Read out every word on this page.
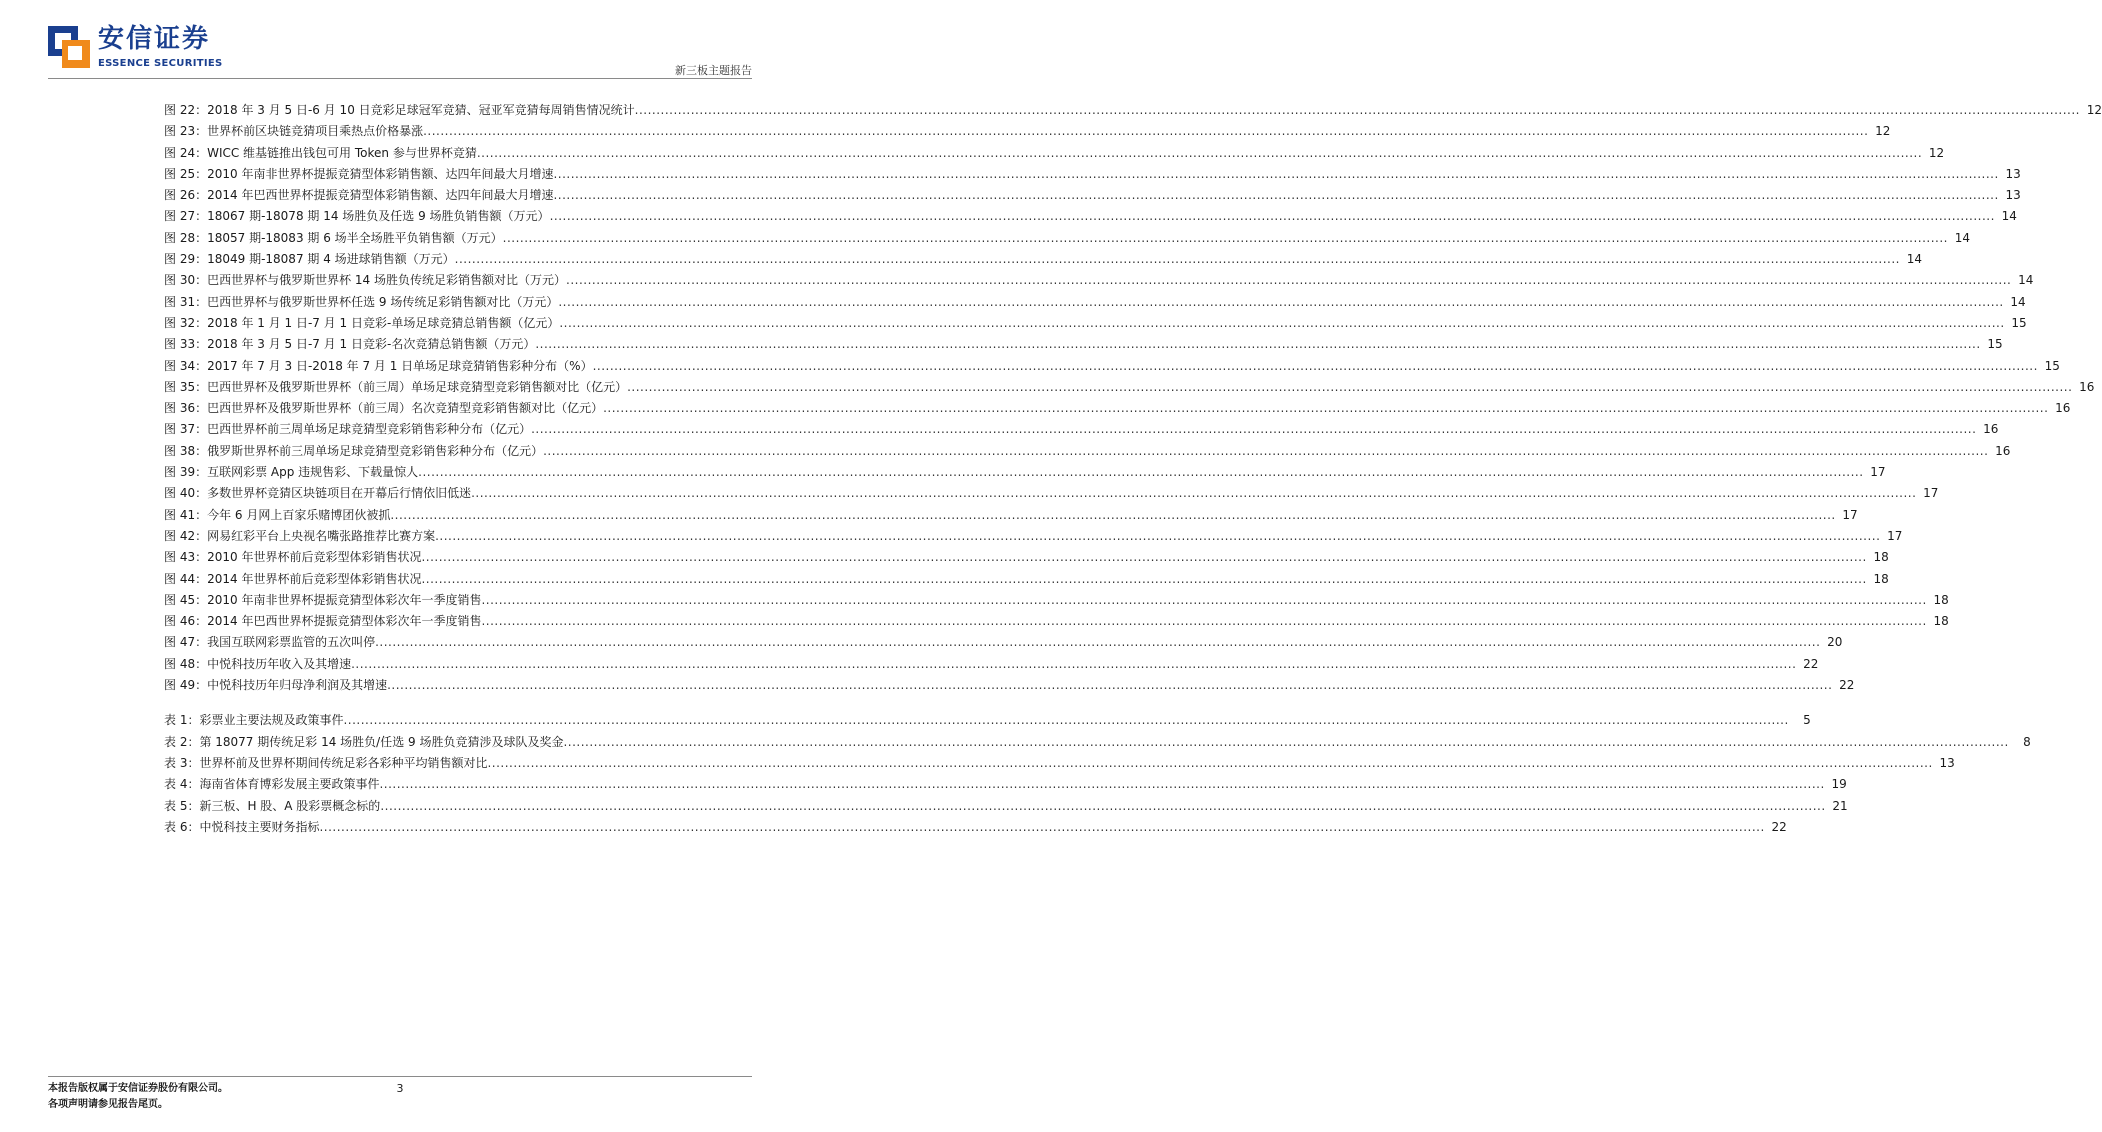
安信证券
ESSENCE SECURITIES
新三板主题报告
图 22：2018 年 3 月 5 日-6 月 10 日竞彩足球冠军竞猜、冠亚军竞猜每周销售情况统计 .....	12
图 23：世界杯前区块链竞猜项目乘热点价格暴涨 .....	12
图 24：WICC 维基链推出钱包可用 Token 参与世界杯竞猜 .....	12
图 25：2010 年南非世界杯提振竞猜型体彩销售额、达四年间最大月增速 .....	13
图 26：2014 年巴西世界杯提振竞猜型体彩销售额、达四年间最大月增速 .....	13
图 27：18067 期-18078 期 14 场胜负及任选 9 场胜负销售额（万元） .....	14
图 28：18057 期-18083 期 6 场半全场胜平负销售额（万元） .....	14
图 29：18049 期-18087 期 4 场进球销售额（万元） .....	14
图 30：巴西世界杯与俄罗斯世界杯 14 场胜负传统足彩销售额对比（万元） .....	14
图 31：巴西世界杯与俄罗斯世界杯任选 9 场传统足彩销售额对比（万元） .....	14
图 32：2018 年 1 月 1 日-7 月 1 日竞彩-单场足球竞猜总销售额（亿元） .....	15
图 33：2018 年 3 月 5 日-7 月 1 日竞彩-名次竞猜总销售额（万元） .....	15
图 34：2017 年 7 月 3 日-2018 年 7 月 1 日单场足球竞猜销售彩种分布（%） .....	15
图 35：巴西世界杯及俄罗斯世界杯（前三周）单场足球竞猜型竞彩销售额对比（亿元） .....	16
图 36：巴西世界杯及俄罗斯世界杯（前三周）名次竞猜型竞彩销售额对比（亿元） .....	16
图 37：巴西世界杯前三周单场足球竞猜型竞彩销售彩种分布（亿元） .....	16
图 38：俄罗斯世界杯前三周单场足球竞猜型竞彩销售彩种分布（亿元） .....	16
图 39：互联网彩票 App 违规售彩、下载量惊人 .....	17
图 40：多数世界杯竞猜区块链项目在开幕后行情依旧低迷 .....	17
图 41：今年 6 月网上百家乐赌博团伙被抓 .....	17
图 42：网易红彩平台上央视名嘴张路推荐比赛方案 .....	17
图 43：2010 年世界杯前后竞彩型体彩销售状况 .....	18
图 44：2014 年世界杯前后竞彩型体彩销售状况 .....	18
图 45：2010 年南非世界杯提振竞猜型体彩次年一季度销售 .....	18
图 46：2014 年巴西世界杯提振竞猜型体彩次年一季度销售 .....	18
图 47：我国互联网彩票监管的五次叫停 .....	20
图 48：中悦科技历年收入及其增速 .....	22
图 49：中悦科技历年归母净利润及其增速 .....	22
表 1：彩票业主要法规及政策事件 .....	5
表 2：第 18077 期传统足彩 14 场胜负/任选 9 场胜负竞猜涉及球队及奖金 .....	8
表 3：世界杯前及世界杯期间传统足彩各彩种平均销售额对比 .....	13
表 4：海南省体育博彩发展主要政策事件 .....	19
表 5：新三板、H 股、A 股彩票概念标的 .....	21
表 6：中悦科技主要财务指标 .....	22
本报告版权属于安信证券股份有限公司。
各项声明请参见报告尾页。
3
